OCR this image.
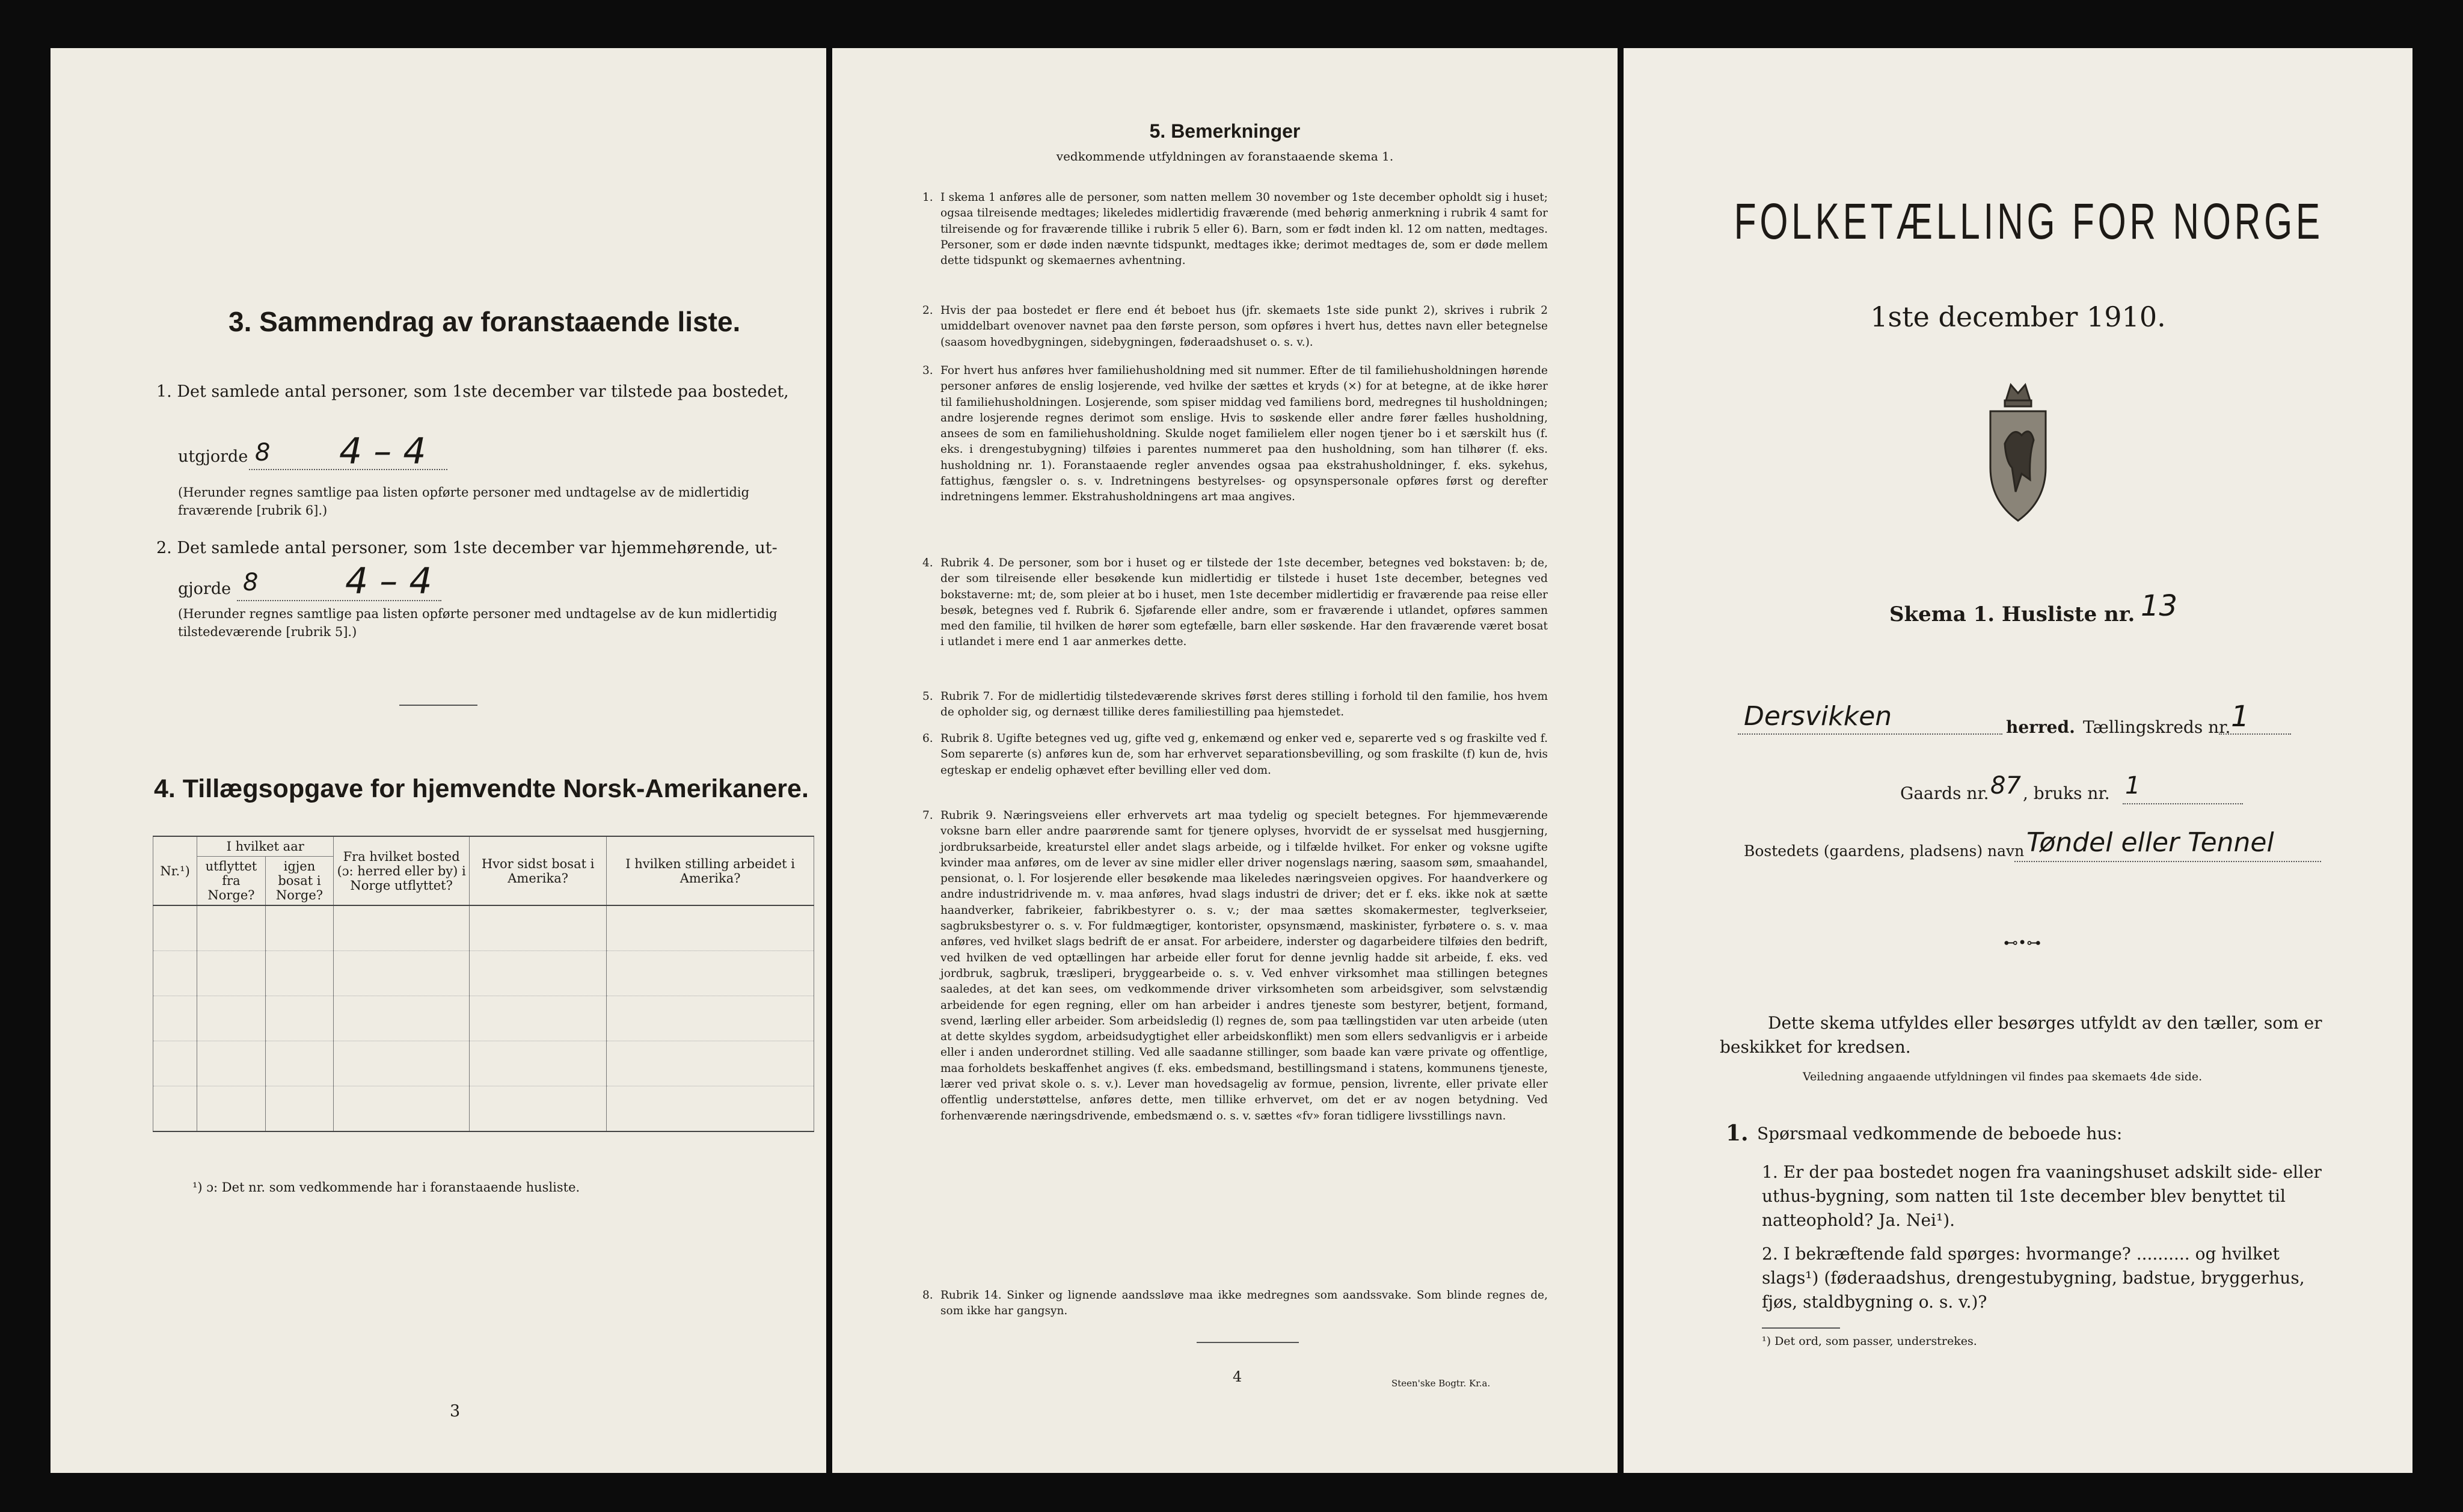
3. Sammendrag av foranstaaende liste.
1. Det samlede antal personer, som 1ste december var tilstede paa bostedet,
utgjorde 8 4 – 4
(Herunder regnes samtlige paa listen opførte personer med undtagelse av de midlertidig fraværende [rubrik 6].)
2. Det samlede antal personer, som 1ste december var hjemmehørende, ut-
gjorde 8 4 – 4
(Herunder regnes samtlige paa listen opførte personer med undtagelse av de kun midlertidig tilstedeværende [rubrik 5].)
4. Tillægsopgave for hjemvendte Norsk-Amerikanere.
Nr.¹)	I hvilket aar		Fra hvilket bosted (ɔ: herred eller by) i Norge utflyttet?	Hvor sidst bosat i Amerika?	I hvilken stilling arbeidet i Amerika?
	utflyttet fra Norge?	igjen bosat i Norge?			

¹) ɔ: Det nr. som vedkommende har i foranstaaende husliste.
3
5. Bemerkninger
vedkommende utfyldningen av foranstaaende skema 1.
1. I skema 1 anføres alle de personer, som natten mellem 30 november og 1ste december opholdt sig i huset; ogsaa tilreisende medtages; likeledes midlertidig fraværende (med behørig anmerkning i rubrik 4 samt for tilreisende og for fraværende tillike i rubrik 5 eller 6). Barn, som er født inden kl. 12 om natten, medtages. Personer, som er døde inden nævnte tidspunkt, medtages ikke; derimot medtages de, som er døde mellem dette tidspunkt og skemaernes avhentning.
2. Hvis der paa bostedet er flere end ét beboet hus (jfr. skemaets 1ste side punkt 2), skrives i rubrik 2 umiddelbart ovenover navnet paa den første person, som opføres i hvert hus, dettes navn eller betegnelse (saasom hovedbygningen, sidebygningen, føderaadshuset o. s. v.).
3. For hvert hus anføres hver familiehusholdning med sit nummer. Efter de til familiehusholdningen hørende personer anføres de enslig losjerende, ved hvilke der sættes et kryds (×) for at betegne, at de ikke hører til familiehusholdningen. Losjerende, som spiser middag ved familiens bord, medregnes til husholdningen; andre losjerende regnes derimot som enslige. Hvis to søskende eller andre fører fælles husholdning, ansees de som en familiehusholdning. Skulde noget familielem eller nogen tjener bo i et særskilt hus (f. eks. i drengestubygning) tilføies i parentes nummeret paa den husholdning, som han tilhører (f. eks. husholdning nr. 1). Foranstaaende regler anvendes ogsaa paa ekstrahusholdninger, f. eks. sykehus, fattighus, fængsler o. s. v. Indretningens bestyrelses- og opsynspersonale opføres først og derefter indretningens lemmer. Ekstrahusholdningens art maa angives.
4. Rubrik 4. De personer, som bor i huset og er tilstede der 1ste december, betegnes ved bokstaven: b; de, der som tilreisende eller besøkende kun midlertidig er tilstede i huset 1ste december, betegnes ved bokstaverne: mt; de, som pleier at bo i huset, men 1ste december midlertidig er fraværende paa reise eller besøk, betegnes ved f. Rubrik 6. Sjøfarende eller andre, som er fraværende i utlandet, opføres sammen med den familie, til hvilken de hører som egtefælle, barn eller søskende. Har den fraværende været bosat i utlandet i mere end 1 aar anmerkes dette.
5. Rubrik 7. For de midlertidig tilstedeværende skrives først deres stilling i forhold til den familie, hos hvem de opholder sig, og dernæst tillike deres familiestilling paa hjemstedet.
6. Rubrik 8. Ugifte betegnes ved ug, gifte ved g, enkemænd og enker ved e, separerte ved s og fraskilte ved f. Som separerte (s) anføres kun de, som har erhvervet separationsbevilling, og som fraskilte (f) kun de, hvis egteskap er endelig ophævet efter bevilling eller ved dom.
7. Rubrik 9. Næringsveiens eller erhvervets art maa tydelig og specielt betegnes. For hjemmeværende voksne barn eller andre paarørende samt for tjenere oplyses, hvorvidt de er sysselsat med husgjerning, jordbruksarbeide, kreaturstel eller andet slags arbeide, og i tilfælde hvilket. For enker og voksne ugifte kvinder maa anføres, om de lever av sine midler eller driver nogenslags næring, saasom søm, smaahandel, pensionat, o. l. For losjerende eller besøkende maa likeledes næringsveien opgives. For haandverkere og andre industridrivende m. v. maa anføres, hvad slags industri de driver; det er f. eks. ikke nok at sætte haandverker, fabrikeier, fabrikbestyrer o. s. v.; der maa sættes skomakermester, teglverkseier, sagbruksbestyrer o. s. v. For fuldmægtiger, kontorister, opsynsmænd, maskinister, fyrbøtere o. s. v. maa anføres, ved hvilket slags bedrift de er ansat. For arbeidere, inderster og dagarbeidere tilføies den bedrift, ved hvilken de ved optællingen har arbeide eller forut for denne jevnlig hadde sit arbeide, f. eks. ved jordbruk, sagbruk, træsliperi, bryggearbeide o. s. v. Ved enhver virksomhet maa stillingen betegnes saaledes, at det kan sees, om vedkommende driver virksomheten som arbeidsgiver, som selvstændig arbeidende for egen regning, eller om han arbeider i andres tjeneste som bestyrer, betjent, formand, svend, lærling eller arbeider. Som arbeidsledig (l) regnes de, som paa tællingstiden var uten arbeide (uten at dette skyldes sygdom, arbeidsudygtighet eller arbeidskonflikt) men som ellers sedvanligvis er i arbeide eller i anden underordnet stilling. Ved alle saadanne stillinger, som baade kan være private og offentlige, maa forholdets beskaffenhet angives (f. eks. embedsmand, bestillingsmand i statens, kommunens tjeneste, lærer ved privat skole o. s. v.). Lever man hovedsagelig av formue, pension, livrente, eller private eller offentlig understøttelse, anføres dette, men tillike erhvervet, om det er av nogen betydning. Ved forhenværende næringsdrivende, embedsmænd o. s. v. sættes «fv» foran tidligere livsstillings navn.
8. Rubrik 14. Sinker og lignende aandssløve maa ikke medregnes som aandssvake. Som blinde regnes de, som ikke har gangsyn.
4	Steen'ske Bogtr. Kr.a.
FOLKETÆLLING FOR NORGE
1ste december 1910.
Skema 1. Husliste nr. 13
Dersvikken	herred. Tællingskreds nr. 1
Gaards nr. 87 , bruks nr. 1
Bostedets (gaardens, pladsens) navn Tøndel eller Tennel
⊷•⊶
Dette skema utfyldes eller besørges utfyldt av den tæller, som er beskikket for kredsen.
Veiledning angaaende utfyldningen vil findes paa skemaets 4de side.
1. Spørsmaal vedkommende de beboede hus:
1. Er der paa bostedet nogen fra vaaningshuset adskilt side- eller uthus-bygning, som natten til 1ste december blev benyttet til natteophold? Ja. Nei¹).
2. I bekræftende fald spørges: hvormange? .......... og hvilket slags¹) (føderaadshus, drengestubygning, badstue, bryggerhus, fjøs, staldbygning o. s. v.)?
¹) Det ord, som passer, understrekes.
